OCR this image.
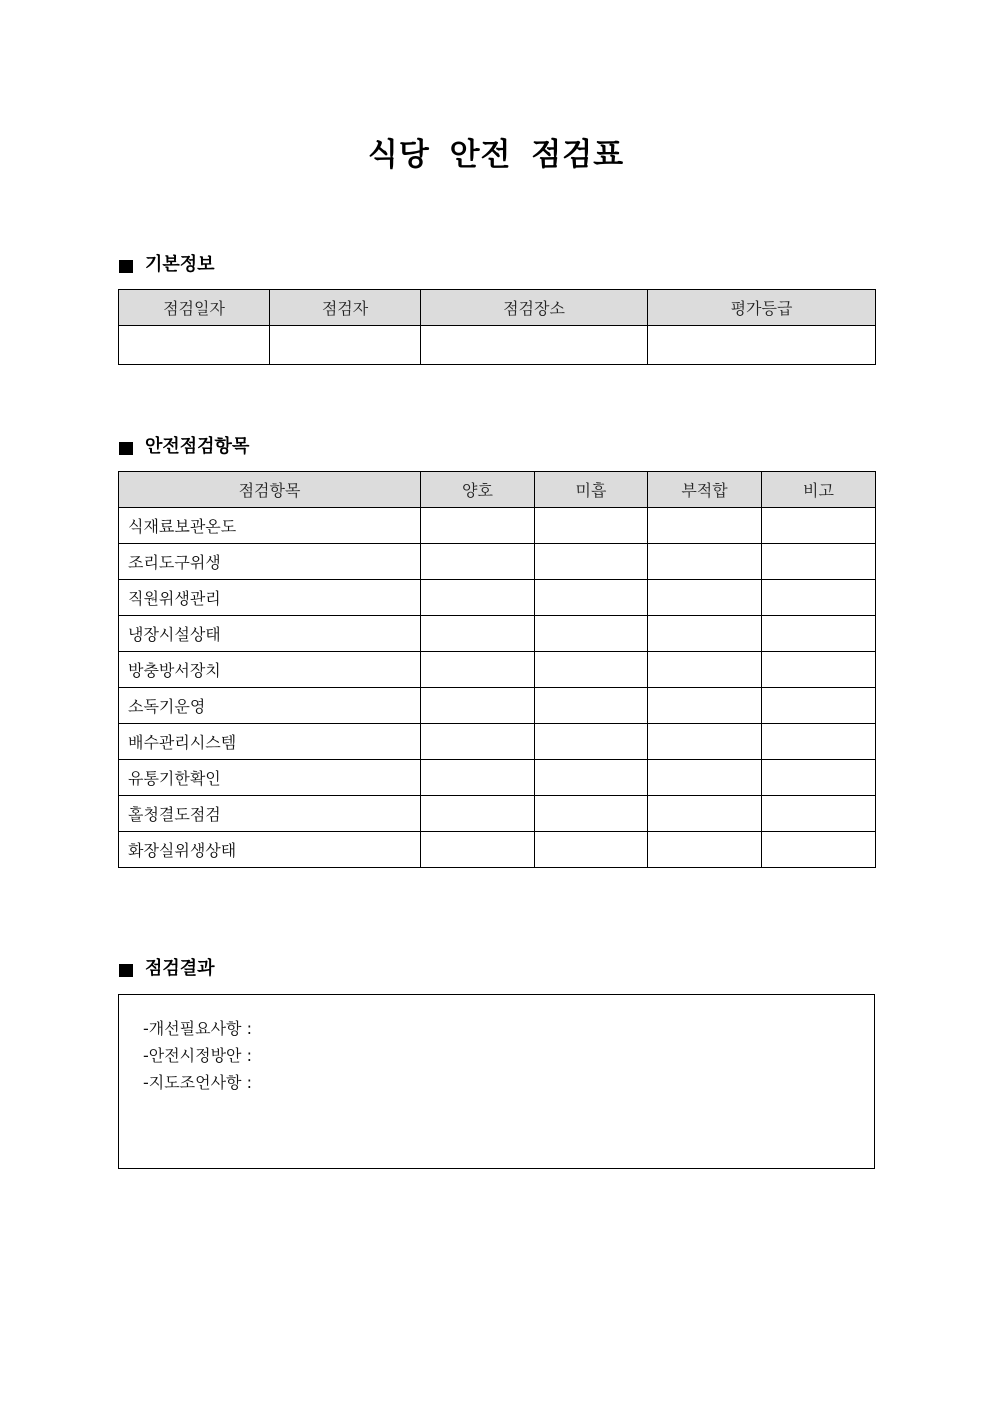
식당 안전 점검표
기본정보
점검일자	점검자	점검장소	평가등급

안전점검항목
점검항목	양호	미흡	부적합	비고
식재료보관온도				
조리도구위생				
직원위생관리				
냉장시설상태				
방충방서장치				
소독기운영				
배수관리시스템				
유통기한확인				
홀청결도점검				
화장실위생상태				
점검결과
-개선필요사항 :
-안전시정방안 :
-지도조언사항 :
